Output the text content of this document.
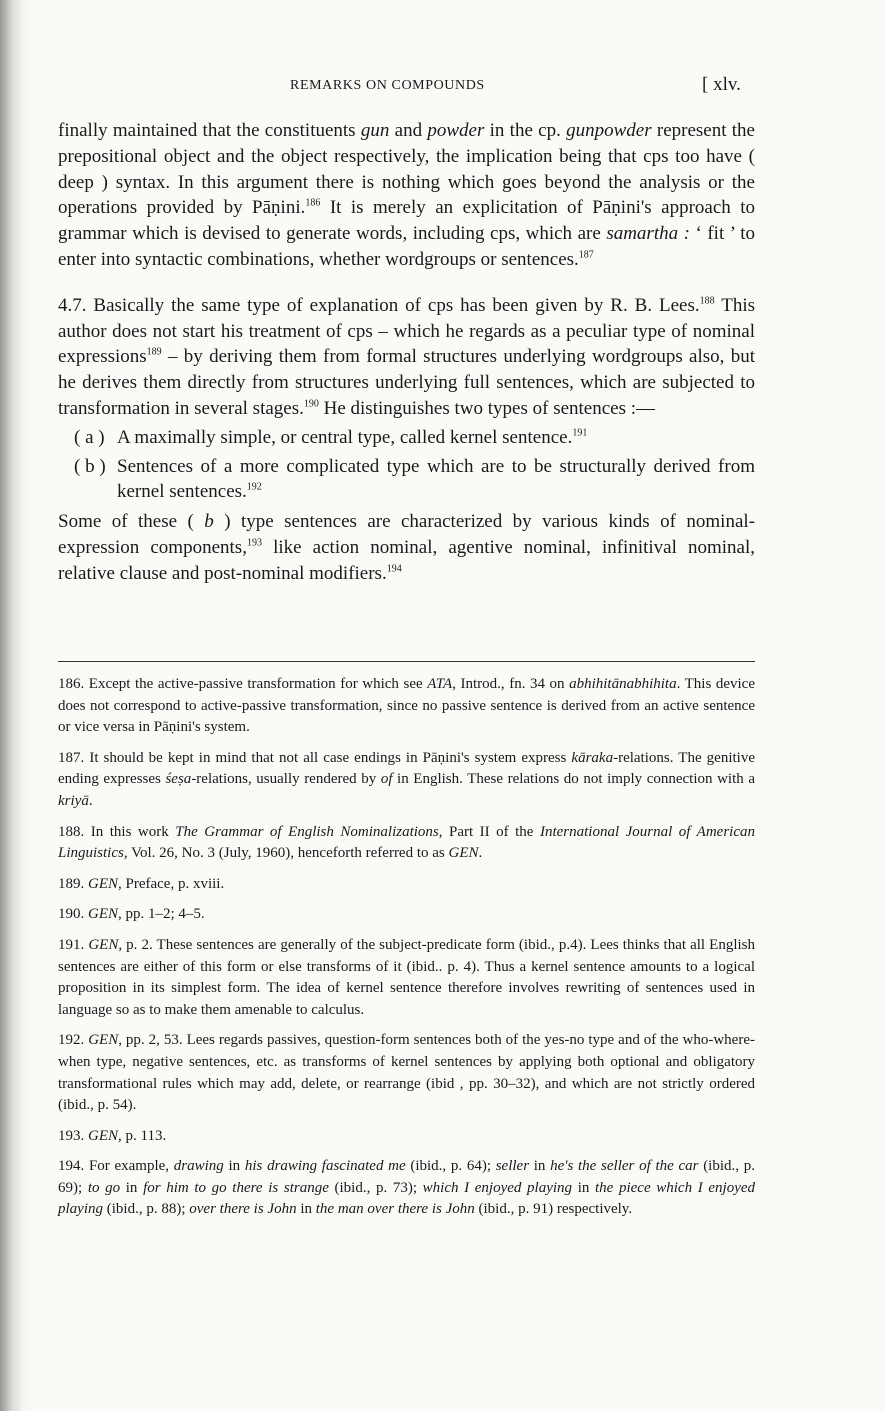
REMARKS ON COMPOUNDS	[ xlv.

finally maintained that the constituents gun and powder in the cp. gunpowder represent the prepositional object and the object respectively, the implication being that cps too have ( deep ) syntax. In this argument there is nothing which goes beyond the analysis or the operations provided by Pāṇini.$^{186}$ It is merely an explicitation of Pāṇini's approach to grammar which is devised to generate words, including cps, which are samartha : ‘ fit ’ to enter into syntactic combinations, whether wordgroups or sentences.$^{187}$

4.7. Basically the same type of explanation of cps has been given by R. B. Lees.$^{188}$ This author does not start his treatment of cps – which he regards as a peculiar type of nominal expressions$^{189}$ – by deriving them from formal structures underlying wordgroups also, but he derives them directly from structures underlying full sentences, which are subjected to transformation in several stages.$^{190}$ He distinguishes two types of sentences :—

( a ) A maximally simple, or central type, called kernel sentence.$^{191}$

( b ) Sentences of a more complicated type which are to be structurally derived from kernel sentences.$^{192}$

Some of these ( b ) type sentences are characterized by various kinds of nominal-expression components,$^{193}$ like action nominal, agentive nominal, infinitival nominal, relative clause and post-nominal modifiers.$^{194}$

186. Except the active-passive transformation for which see ATA, Introd., fn. 34 on abhihitānabhihita. This device does not correspond to active-passive transformation, since no passive sentence is derived from an active sentence or vice versa in Pāṇini's system.

187. It should be kept in mind that not all case endings in Pāṇini's system express kāraka-relations. The genitive ending expresses śeṣa-relations, usually rendered by of in English. These relations do not imply connection with a kriyā.

188. In this work The Grammar of English Nominalizations, Part II of the International Journal of American Linguistics, Vol. 26, No. 3 (July, 1960), henceforth referred to as GEN.

189. GEN, Preface, p. xviii.

190. GEN, pp. 1–2; 4–5.

191. GEN, p. 2. These sentences are generally of the subject-predicate form (ibid., p.4). Lees thinks that all English sentences are either of this form or else transforms of it (ibid.. p. 4). Thus a kernel sentence amounts to a logical proposition in its simplest form. The idea of kernel sentence therefore involves rewriting of sentences used in language so as to make them amenable to calculus.

192. GEN, pp. 2, 53. Lees regards passives, question-form sentences both of the yes-no type and of the who-where-when type, negative sentences, etc. as transforms of kernel sentences by applying both optional and obligatory transformational rules which may add, delete, or rearrange (ibid , pp. 30–32), and which are not strictly ordered (ibid., p. 54).

193. GEN, p. 113.

194. For example, drawing in his drawing fascinated me (ibid., p. 64); seller in he's the seller of the car (ibid., p. 69); to go in for him to go there is strange (ibid., p. 73); which I enjoyed playing in the piece which I enjoyed playing (ibid., p. 88); over there is John in the man over there is John (ibid., p. 91) respectively.
